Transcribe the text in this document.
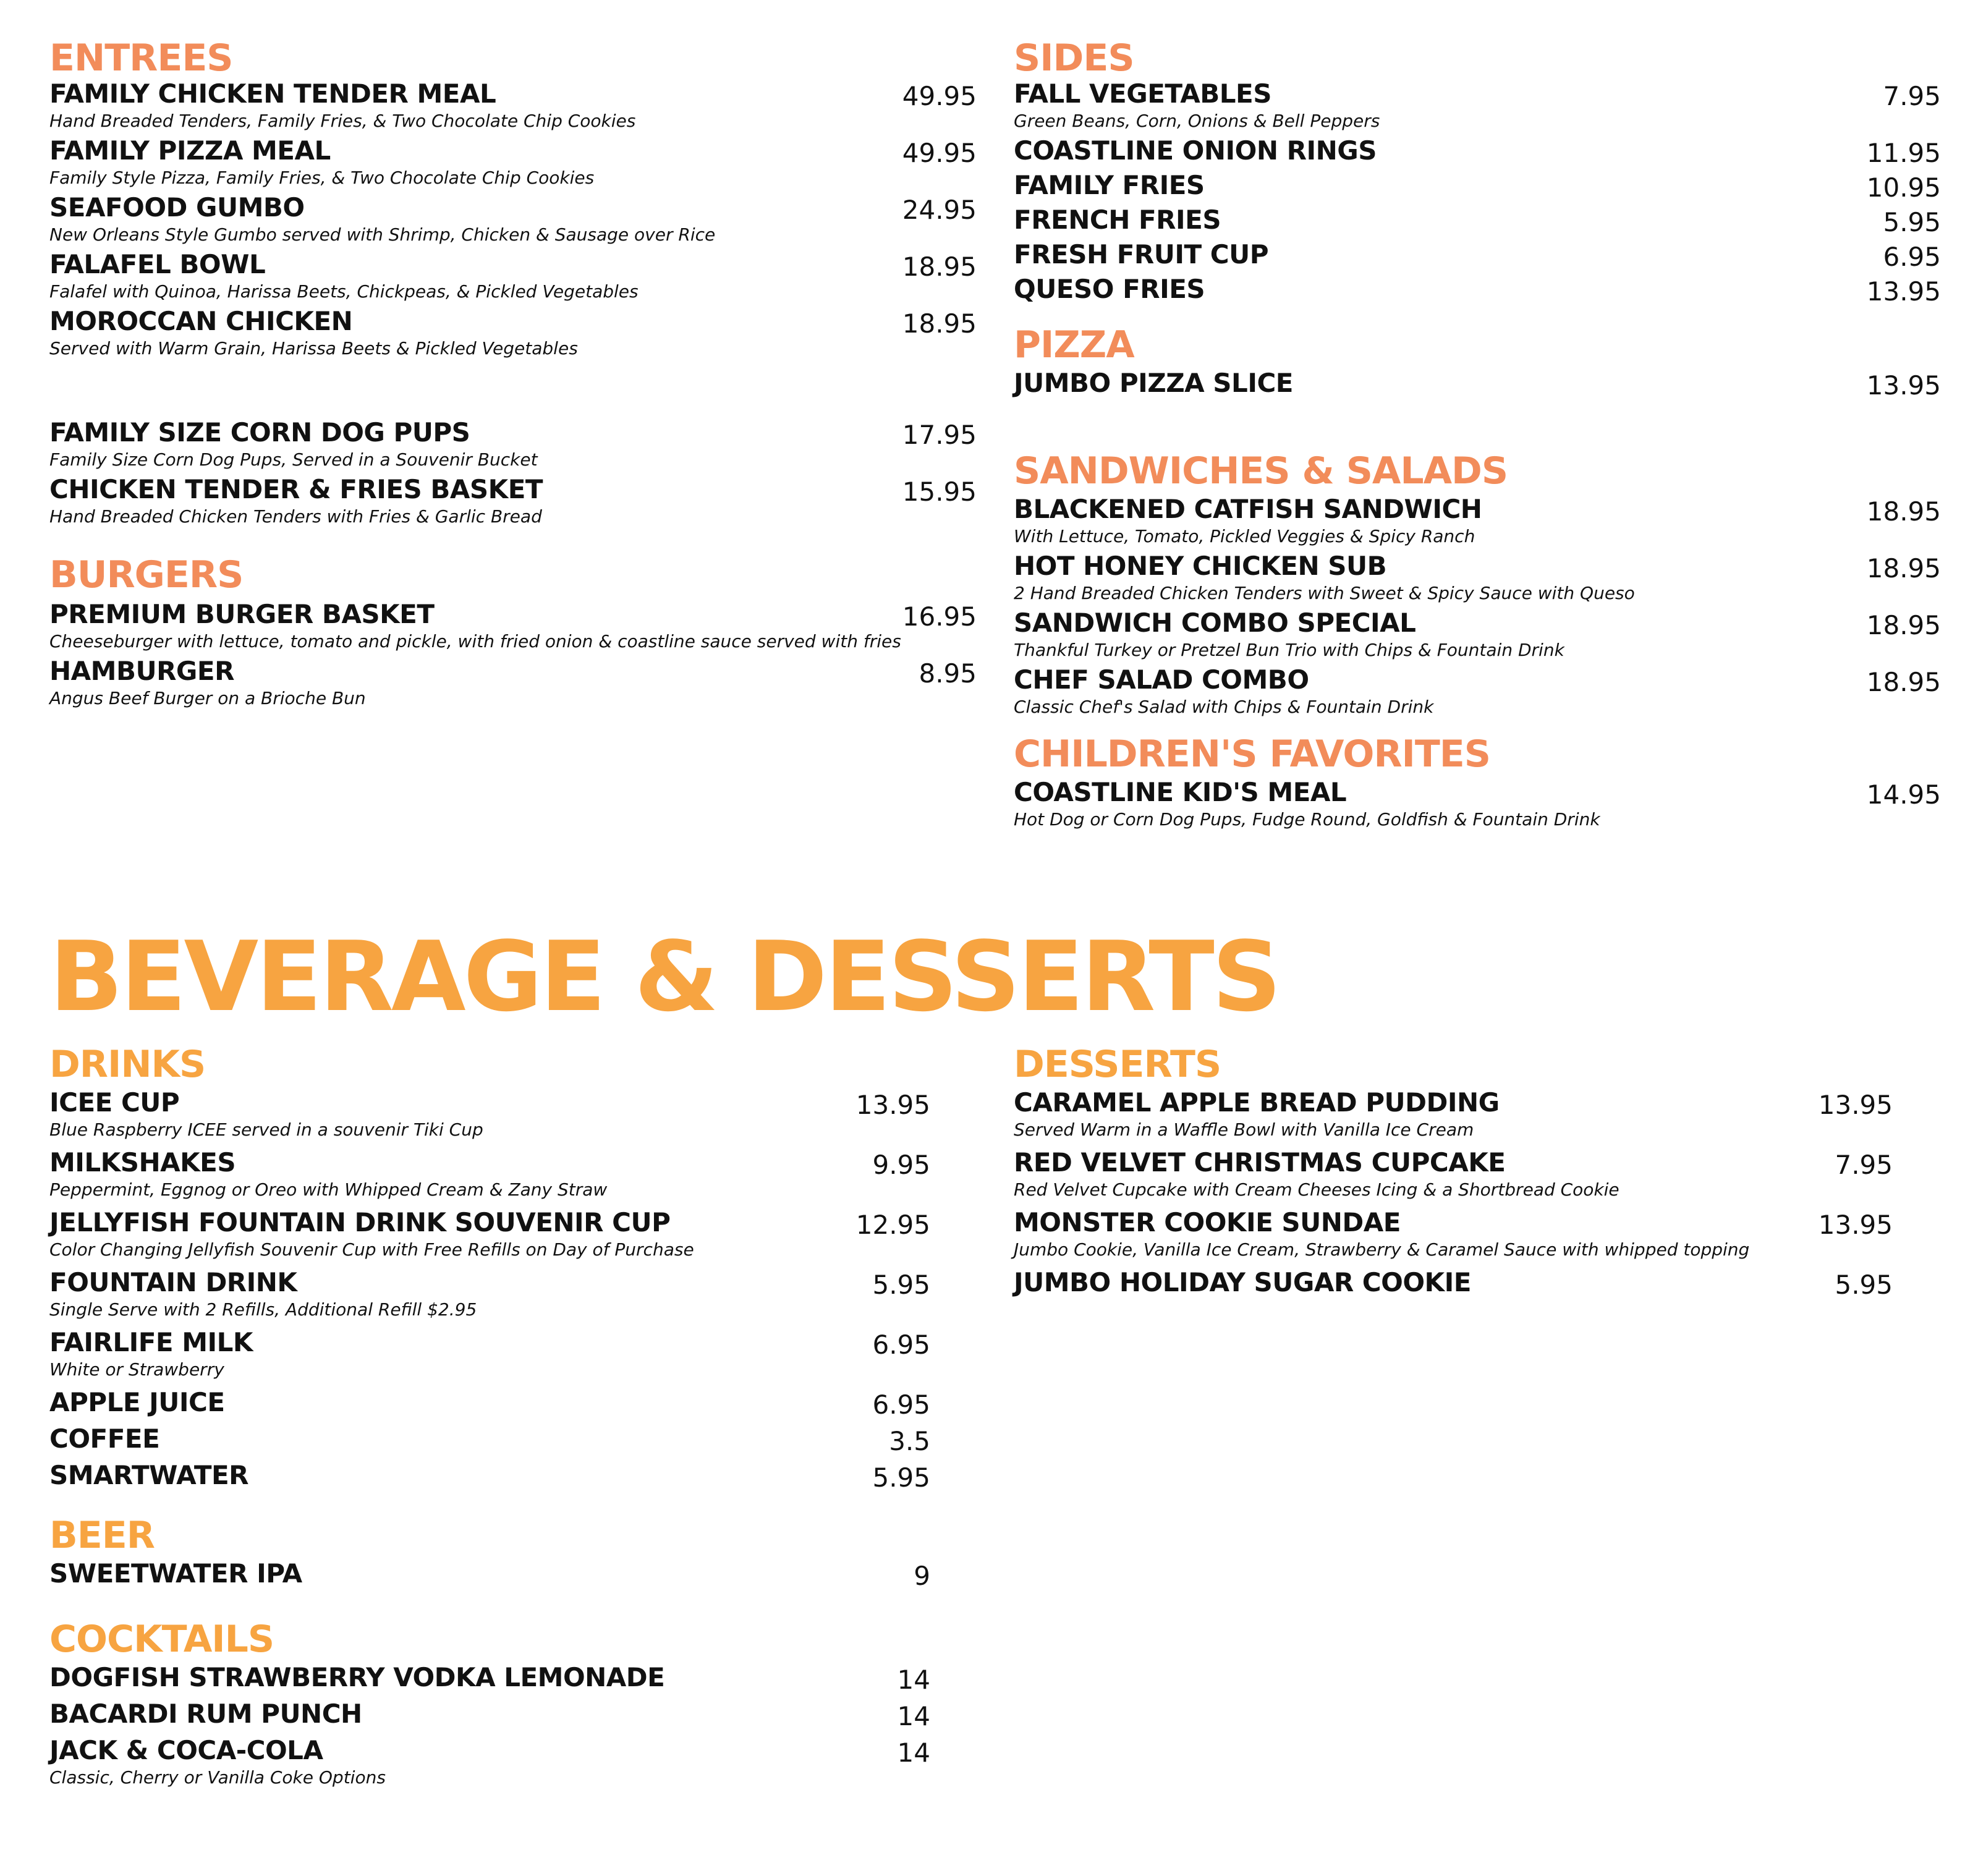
ENTREES
FAMILY CHICKEN TENDER MEAL	49.95
Hand Breaded Tenders, Family Fries, & Two Chocolate Chip Cookies
FAMILY PIZZA MEAL	49.95
Family Style Pizza, Family Fries, & Two Chocolate Chip Cookies
SEAFOOD GUMBO	24.95
New Orleans Style Gumbo served with Shrimp, Chicken & Sausage over Rice
FALAFEL BOWL	18.95
Falafel with Quinoa, Harissa Beets, Chickpeas, & Pickled Vegetables
MOROCCAN CHICKEN	18.95
Served with Warm Grain, Harissa Beets & Pickled Vegetables
FAMILY SIZE CORN DOG PUPS	17.95
Family Size Corn Dog Pups, Served in a Souvenir Bucket
CHICKEN TENDER & FRIES BASKET	15.95
Hand Breaded Chicken Tenders with Fries & Garlic Bread
BURGERS
PREMIUM BURGER BASKET	16.95
Cheeseburger with lettuce, tomato and pickle, with fried onion & coastline sauce served with fries
HAMBURGER	8.95
Angus Beef Burger on a Brioche Bun
SIDES
FALL VEGETABLES	7.95
Green Beans, Corn, Onions & Bell Peppers
COASTLINE ONION RINGS	11.95
FAMILY FRIES	10.95
FRENCH FRIES	5.95
FRESH FRUIT CUP	6.95
QUESO FRIES	13.95
PIZZA
JUMBO PIZZA SLICE	13.95
SANDWICHES & SALADS
BLACKENED CATFISH SANDWICH	18.95
With Lettuce, Tomato, Pickled Veggies & Spicy Ranch
HOT HONEY CHICKEN SUB	18.95
2 Hand Breaded Chicken Tenders with Sweet & Spicy Sauce with Queso
SANDWICH COMBO SPECIAL	18.95
Thankful Turkey or Pretzel Bun Trio with Chips & Fountain Drink
CHEF SALAD COMBO	18.95
Classic Chef's Salad with Chips & Fountain Drink
CHILDREN'S FAVORITES
COASTLINE KID'S MEAL	14.95
Hot Dog or Corn Dog Pups, Fudge Round, Goldfish & Fountain Drink
BEVERAGE & DESSERTS
DRINKS
ICEE CUP	13.95
Blue Raspberry ICEE served in a souvenir Tiki Cup
MILKSHAKES	9.95
Peppermint, Eggnog or Oreo with Whipped Cream & Zany Straw
JELLYFISH FOUNTAIN DRINK SOUVENIR CUP	12.95
Color Changing Jellyfish Souvenir Cup with Free Refills on Day of Purchase
FOUNTAIN DRINK	5.95
Single Serve with 2 Refills, Additional Refill $2.95
FAIRLIFE MILK	6.95
White or Strawberry
APPLE JUICE	6.95
COFFEE	3.5
SMARTWATER	5.95
BEER
SWEETWATER IPA	9
COCKTAILS
DOGFISH STRAWBERRY VODKA LEMONADE	14
BACARDI RUM PUNCH	14
JACK & COCA-COLA	14
Classic, Cherry or Vanilla Coke Options
DESSERTS
CARAMEL APPLE BREAD PUDDING	13.95
Served Warm in a Waffle Bowl with Vanilla Ice Cream
RED VELVET CHRISTMAS CUPCAKE	7.95
Red Velvet Cupcake with Cream Cheeses Icing & a Shortbread Cookie
MONSTER COOKIE SUNDAE	13.95
Jumbo Cookie, Vanilla Ice Cream, Strawberry & Caramel Sauce with whipped topping
JUMBO HOLIDAY SUGAR COOKIE	5.95
